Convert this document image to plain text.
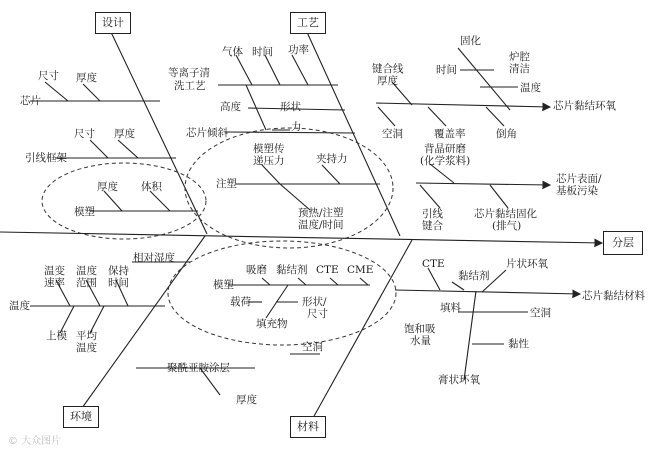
设计	工艺
环境
材料
分层
芯片
尺寸 厚度
引线框架
尺寸 厚度
厚度 体积
模塑
气体 时间 功率
等离子清
洗工艺
高度	形状
力
芯片倾斜
模塑传
递压力	夹持力
注塑
预热/注塑
温度/时间
键合线
厚度
空洞	覆盖率
背晶研磨
(化学浆料)
引线
键合
固化
时间
炉腔
清洁
温度
倒角
芯片黏结环氧
芯片表面/
基板污染
芯片黏结固化
(排气)
相对湿度
温变
速率
温度
范围
保持
时间
温度
上模 平均
温度
吸磨 黏结剂 CTE CME
模塑
载荷	形状/
尺寸
填充物
空洞
聚酰亚胺涂层
厚度
CTE	片状环氧
黏结剂
芯片黏结材料
填料	空洞
饱和吸
水量	黏性
膏状环氧
© 大众图片
